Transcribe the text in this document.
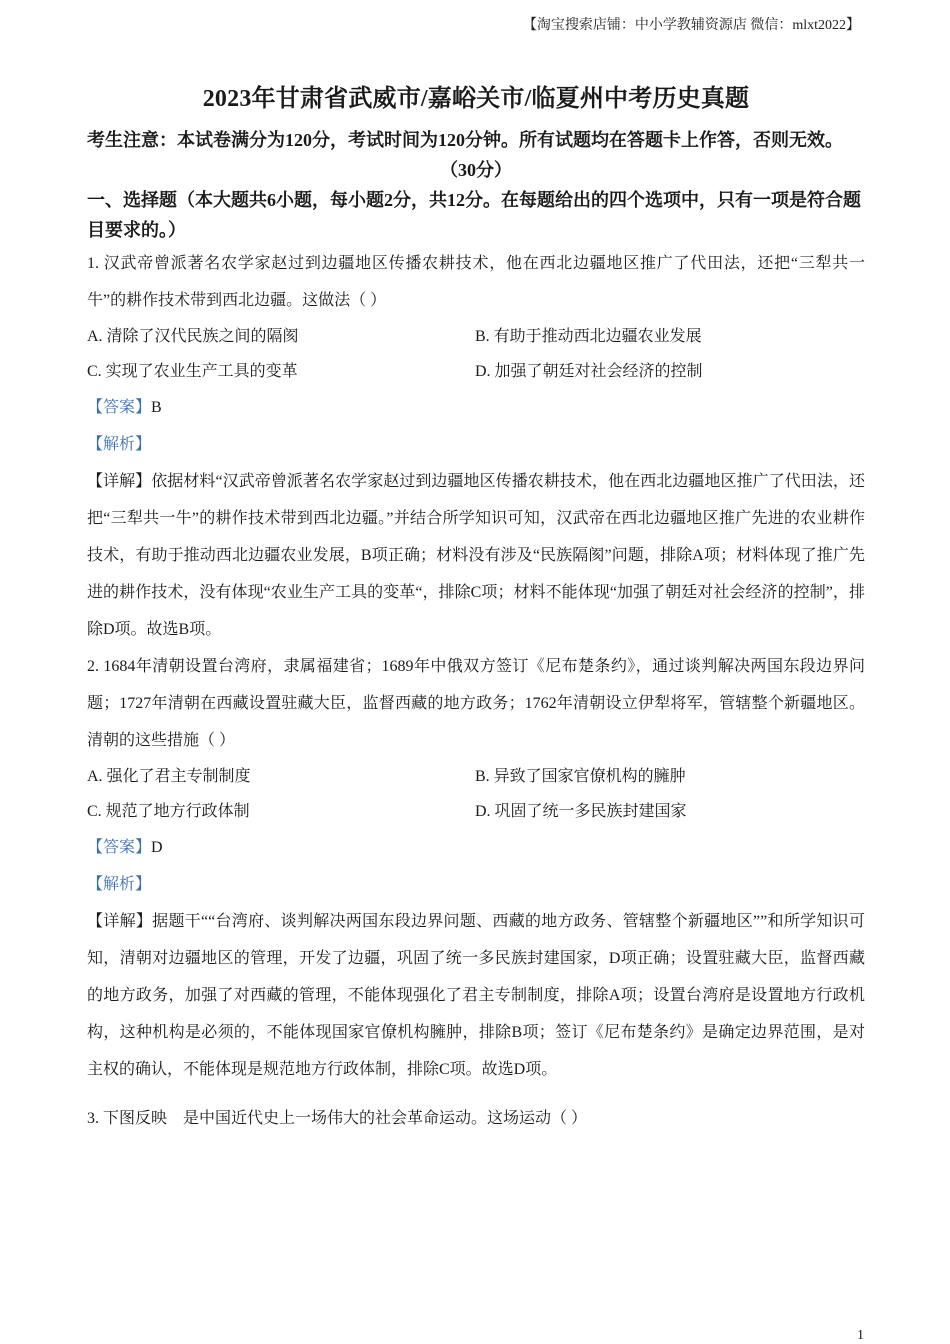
【淘宝搜索店铺：中小学教辅资源店 微信：mlxt2022】
2023年甘肃省武威市/嘉峪关市/临夏州中考历史真题

考生注意：本试卷满分为120分，考试时间为120分钟。所有试题均在答题卡上作答，否则无效。

（30分）

一、选择题（本大题共6小题，每小题2分，共12分。在每题给出的四个选项中，只有一项是符合题目要求的。）

1. 汉武帝曾派著名农学家赵过到边疆地区传播农耕技术，他在西北边疆地区推广了代田法，还把“三犁共一牛”的耕作技术带到西北边疆。这做法（ ）

A. 清除了汉代民族之间的隔阂	B. 有助于推动西北边疆农业发展
C. 实现了农业生产工具的变革	D. 加强了朝廷对社会经济的控制

【答案】B

【解析】

【详解】依据材料“汉武帝曾派著名农学家赵过到边疆地区传播农耕技术，他在西北边疆地区推广了代田法，还把“三犁共一牛”的耕作技术带到西北边疆。”并结合所学知识可知，汉武帝在西北边疆地区推广先进的农业耕作技术，有助于推动西北边疆农业发展，B项正确；材料没有涉及“民族隔阂”问题，排除A项；材料体现了推广先进的耕作技术，没有体现“农业生产工具的变革“，排除C项；材料不能体现“加强了朝廷对社会经济的控制”，排除D项。故选B项。

2. 1684年清朝设置台湾府，隶属福建省；1689年中俄双方签订《尼布楚条约》，通过谈判解决两国东段边界问题；1727年清朝在西藏设置驻藏大臣，监督西藏的地方政务；1762年清朝设立伊犁将军，管辖整个新疆地区。清朝的这些措施（ ）

A. 强化了君主专制制度	B. 异致了国家官僚机构的臃肿
C. 规范了地方行政体制	D. 巩固了统一多民族封建国家

【答案】D

【解析】

【详解】据题干““台湾府、谈判解决两国东段边界问题、西藏的地方政务、管辖整个新疆地区””和所学知识可知，清朝对边疆地区的管理，开发了边疆，巩固了统一多民族封建国家，D项正确；设置驻藏大臣，监督西藏的地方政务，加强了对西藏的管理，不能体现强化了君主专制制度，排除A项；设置台湾府是设置地方行政机构，这种机构是必须的，不能体现国家官僚机构臃肿，排除B项；签订《尼布楚条约》是确定边界范围，是对主权的确认，不能体现是规范地方行政体制，排除C项。故选D项。

3. 下图反映　是中国近代史上一场伟大的社会革命运动。这场运动（ ）

1
